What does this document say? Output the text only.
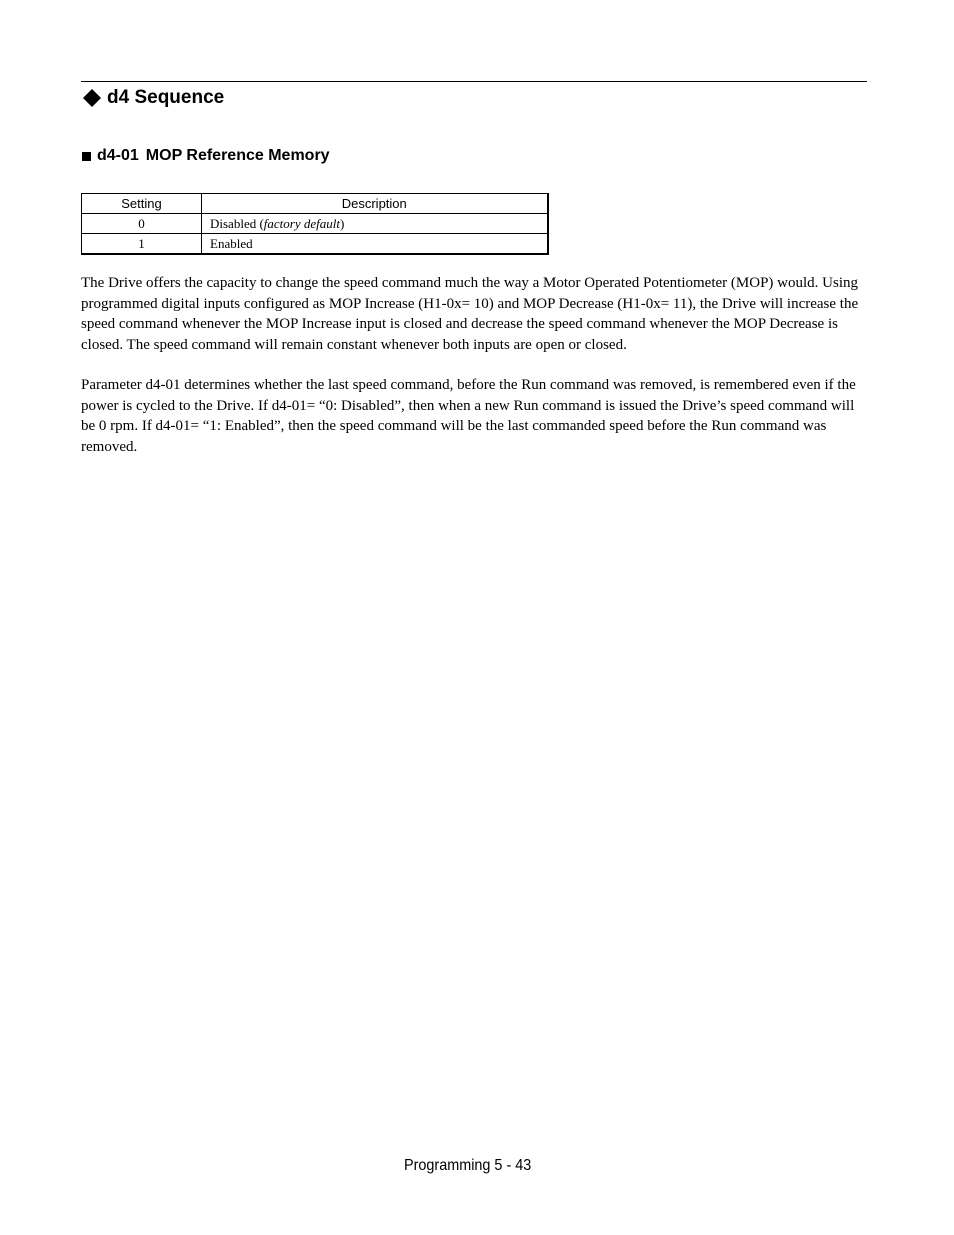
d4 Sequence
d4-01 MOP Reference Memory
Setting	Description
0	Disabled (factory default)
1	Enabled

The Drive offers the capacity to change the speed command much the way a Motor Operated Potentiometer (MOP) would. Using programmed digital inputs configured as MOP Increase (H1-0x= 10) and MOP Decrease (H1-0x= 11), the Drive will increase the speed command whenever the MOP Increase input is closed and decrease the speed command whenever the MOP Decrease is closed. The speed command will remain constant whenever both inputs are open or closed.

Parameter d4-01 determines whether the last speed command, before the Run command was removed, is remembered even if the power is cycled to the Drive. If d4-01= “0: Disabled”, then when a new Run command is issued the Drive’s speed command will be 0 rpm. If d4-01= “1: Enabled”, then the speed command will be the last commanded speed before the Run command was removed.

Programming 5 - 43
